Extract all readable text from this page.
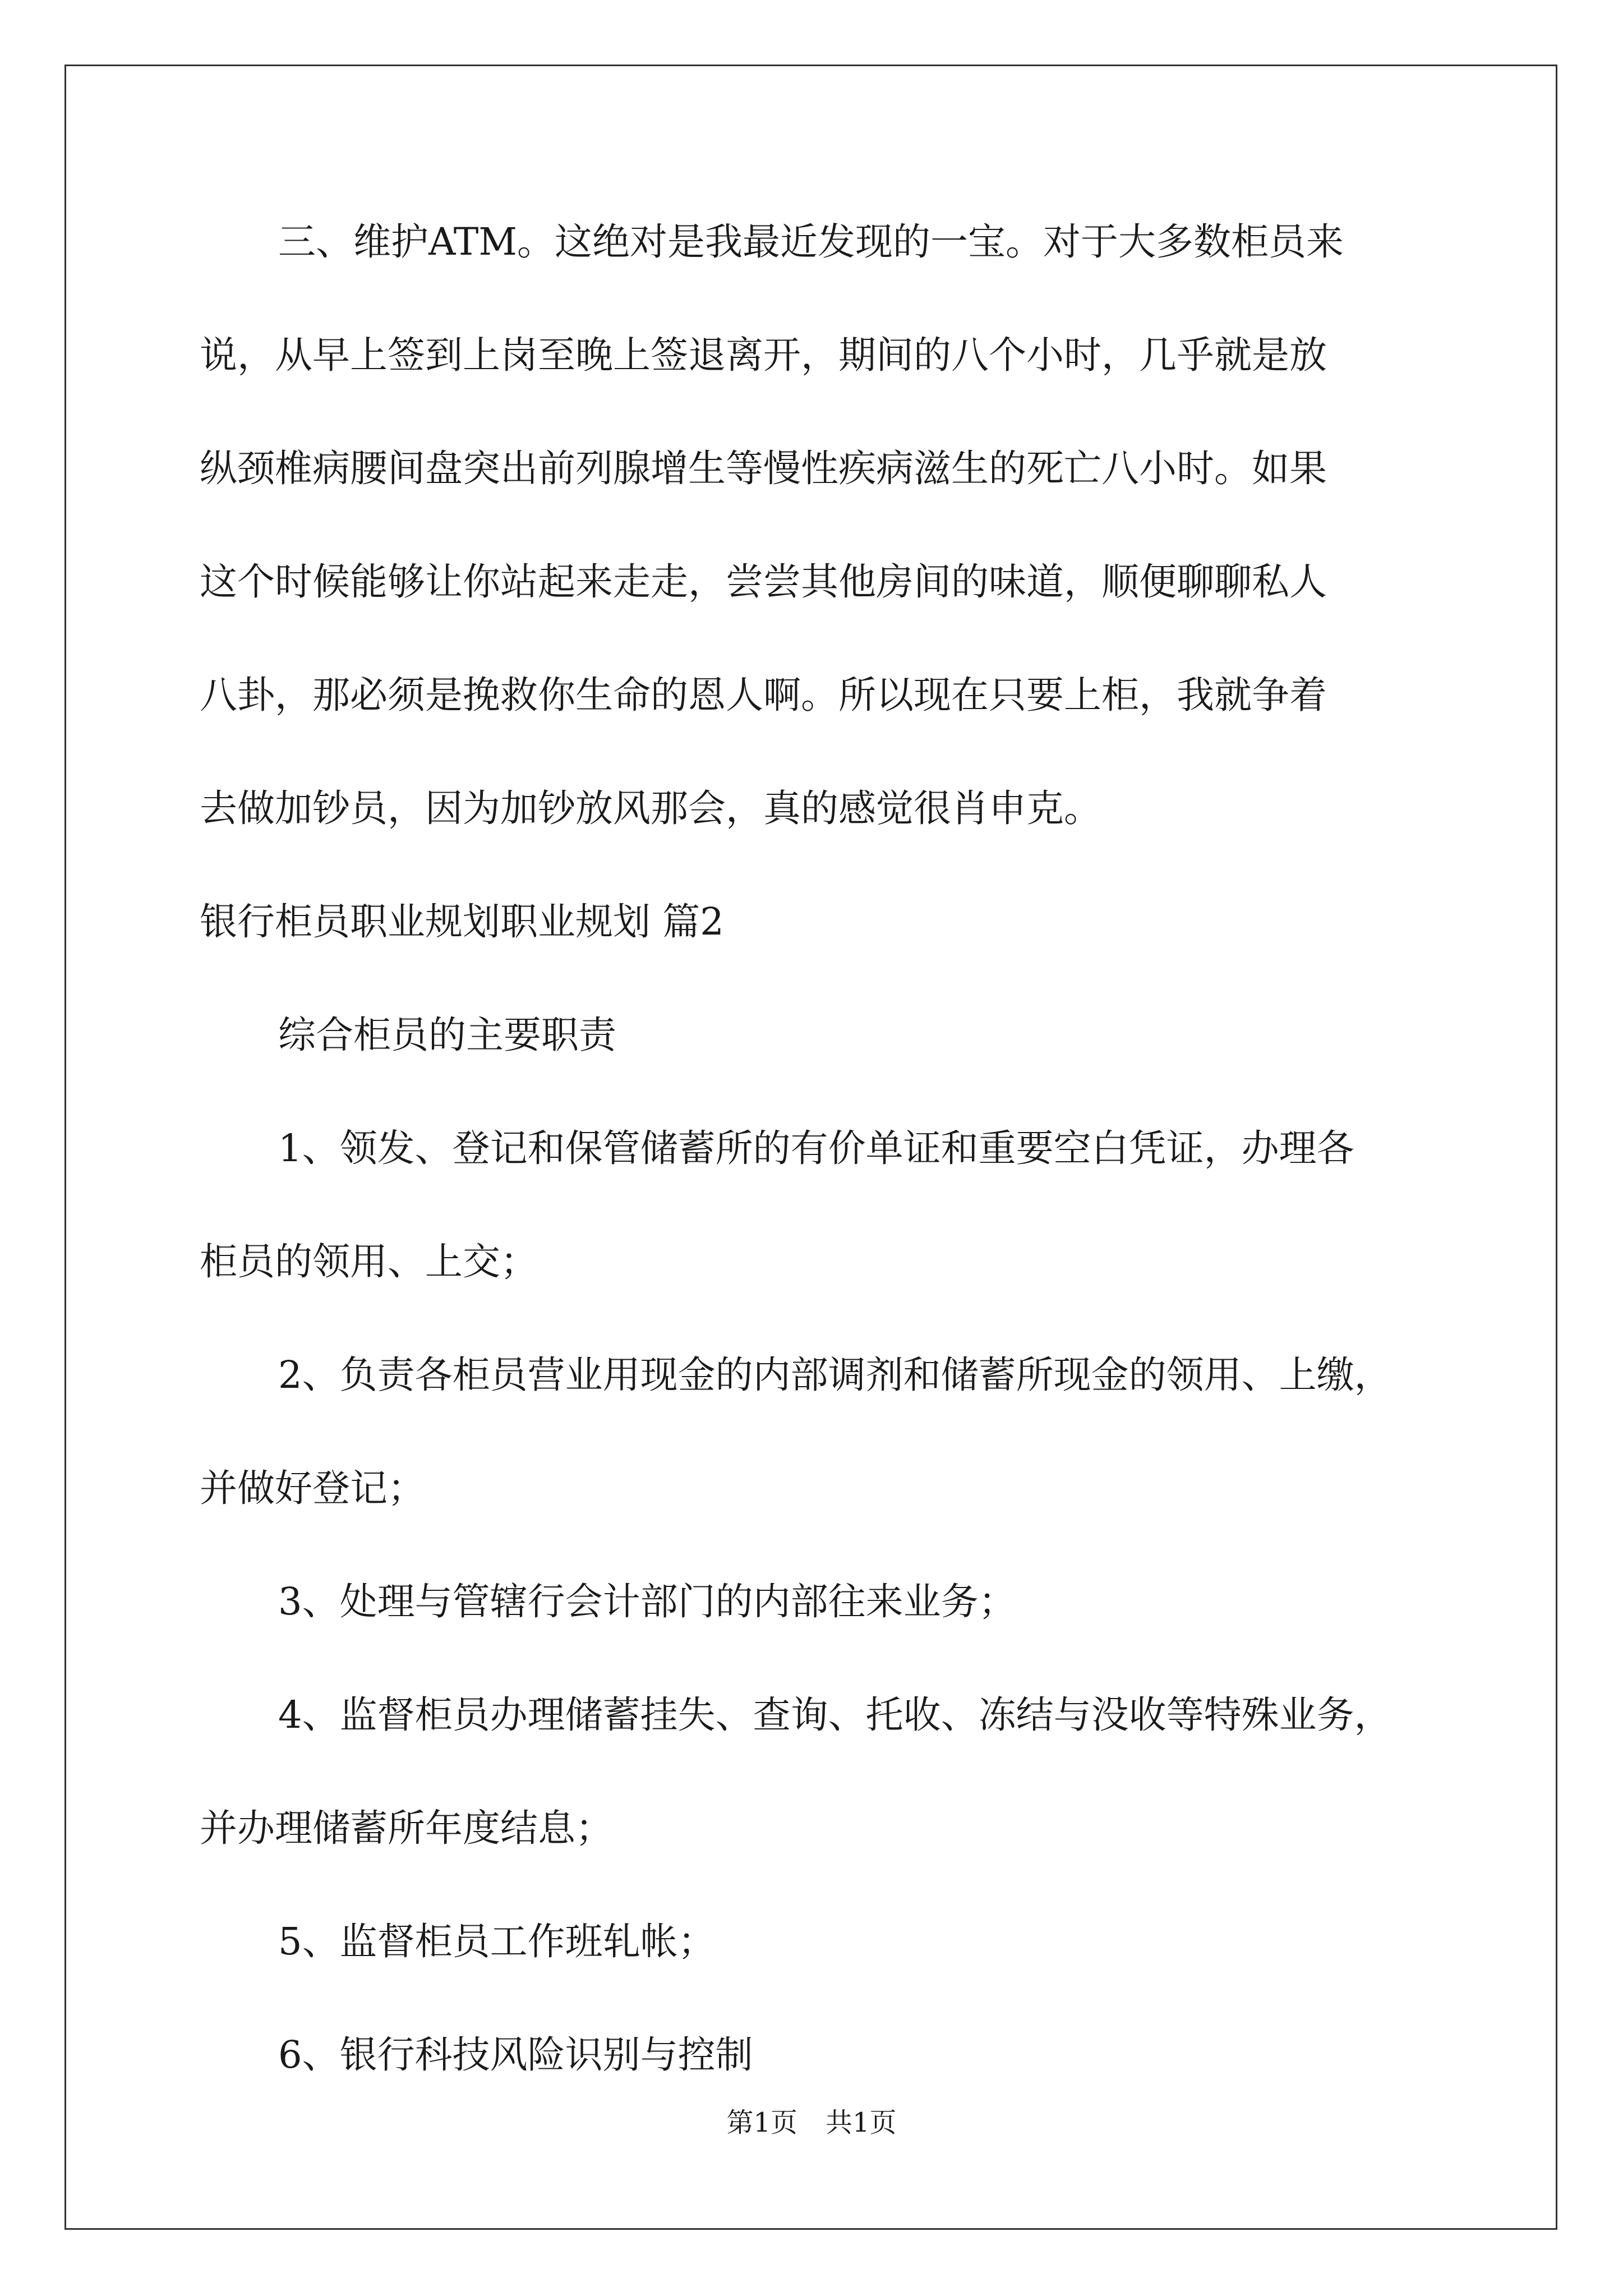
三、维护ATM。这绝对是我最近发现的一宝。对于大多数柜员来

说，从早上签到上岗至晚上签退离开，期间的八个小时，几乎就是放

纵颈椎病腰间盘突出前列腺增生等慢性疾病滋生的死亡八小时。如果

这个时候能够让你站起来走走，尝尝其他房间的味道，顺便聊聊私人

八卦，那必须是挽救你生命的恩人啊。所以现在只要上柜，我就争着

去做加钞员，因为加钞放风那会，真的感觉很肖申克。

银行柜员职业规划职业规划 篇2

综合柜员的主要职责

1、领发、登记和保管储蓄所的有价单证和重要空白凭证，办理各

柜员的领用、上交；

2、负责各柜员营业用现金的内部调剂和储蓄所现金的领用、上缴，

并做好登记；

3、处理与管辖行会计部门的内部往来业务；

4、监督柜员办理储蓄挂失、查询、托收、冻结与没收等特殊业务，

并办理储蓄所年度结息；

5、监督柜员工作班轧帐；

6、银行科技风险识别与控制

第1页 共1页
